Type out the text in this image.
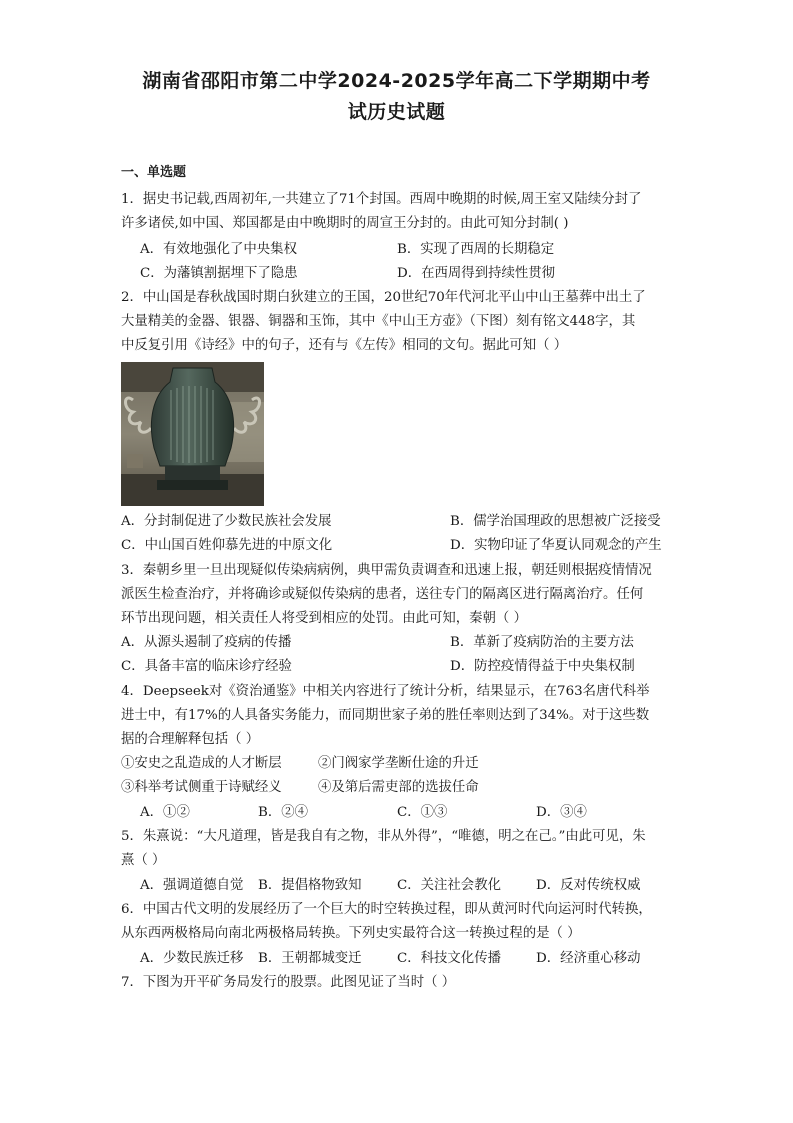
湖南省邵阳市第二中学2024-2025学年高二下学期期中考
试历史试题
一、单选题
1．据史书记载,西周初年,一共建立了71个封国。西周中晚期的时候,周王室又陆续分封了
许多诸侯,如中国、郑国都是由中晚期时的周宣王分封的。由此可知分封制( )
A．有效地强化了中央集权	B．实现了西周的长期稳定
C．为藩镇割据埋下了隐患	D．在西周得到持续性贯彻
2．中山国是春秋战国时期白狄建立的王国，20世纪70年代河北平山中山王墓葬中出土了
大量精美的金器、银器、铜器和玉饰，其中《中山王方壶》（下图）刻有铭文448字，其
中反复引用《诗经》中的句子，还有与《左传》相同的文句。据此可知（ ）
A．分封制促进了少数民族社会发展	B．儒学治国理政的思想被广泛接受
C．中山国百姓仰慕先进的中原文化	D．实物印证了华夏认同观念的产生
3．秦朝乡里一旦出现疑似传染病病例，典甲需负责调查和迅速上报，朝廷则根据疫情情况
派医生检查治疗，并将确诊或疑似传染病的患者，送往专门的隔离区进行隔离治疗。任何
环节出现问题，相关责任人将受到相应的处罚。由此可知，秦朝（ ）
A．从源头遏制了疫病的传播	B．革新了疫病防治的主要方法
C．具备丰富的临床诊疗经验	D．防控疫情得益于中央集权制
4．Deepseek对《资治通鉴》中相关内容进行了统计分析，结果显示，在763名唐代科举
进士中，有17%的人具备实务能力，而同期世家子弟的胜任率则达到了34%。对于这些数
据的合理解释包括（ ）
①安史之乱造成的人才断层	②门阀家学垄断仕途的升迁
③科举考试侧重于诗赋经义	④及第后需吏部的选拔任命
A．①②	B．②④	C．①③	D．③④
5．朱熹说：“大凡道理，皆是我自有之物，非从外得”，“唯德，明之在己。”由此可见，朱
熹（ ）
A．强调道德自觉 B．提倡格物致知	C．关注社会教化	D．反对传统权威
6．中国古代文明的发展经历了一个巨大的时空转换过程，即从黄河时代向运河时代转换，
从东西两极格局向南北两极格局转换。下列史实最符合这一转换过程的是（ ）
A．少数民族迁移 B．王朝都城变迁	C．科技文化传播	D．经济重心移动
7．下图为开平矿务局发行的股票。此图见证了当时（ ）
